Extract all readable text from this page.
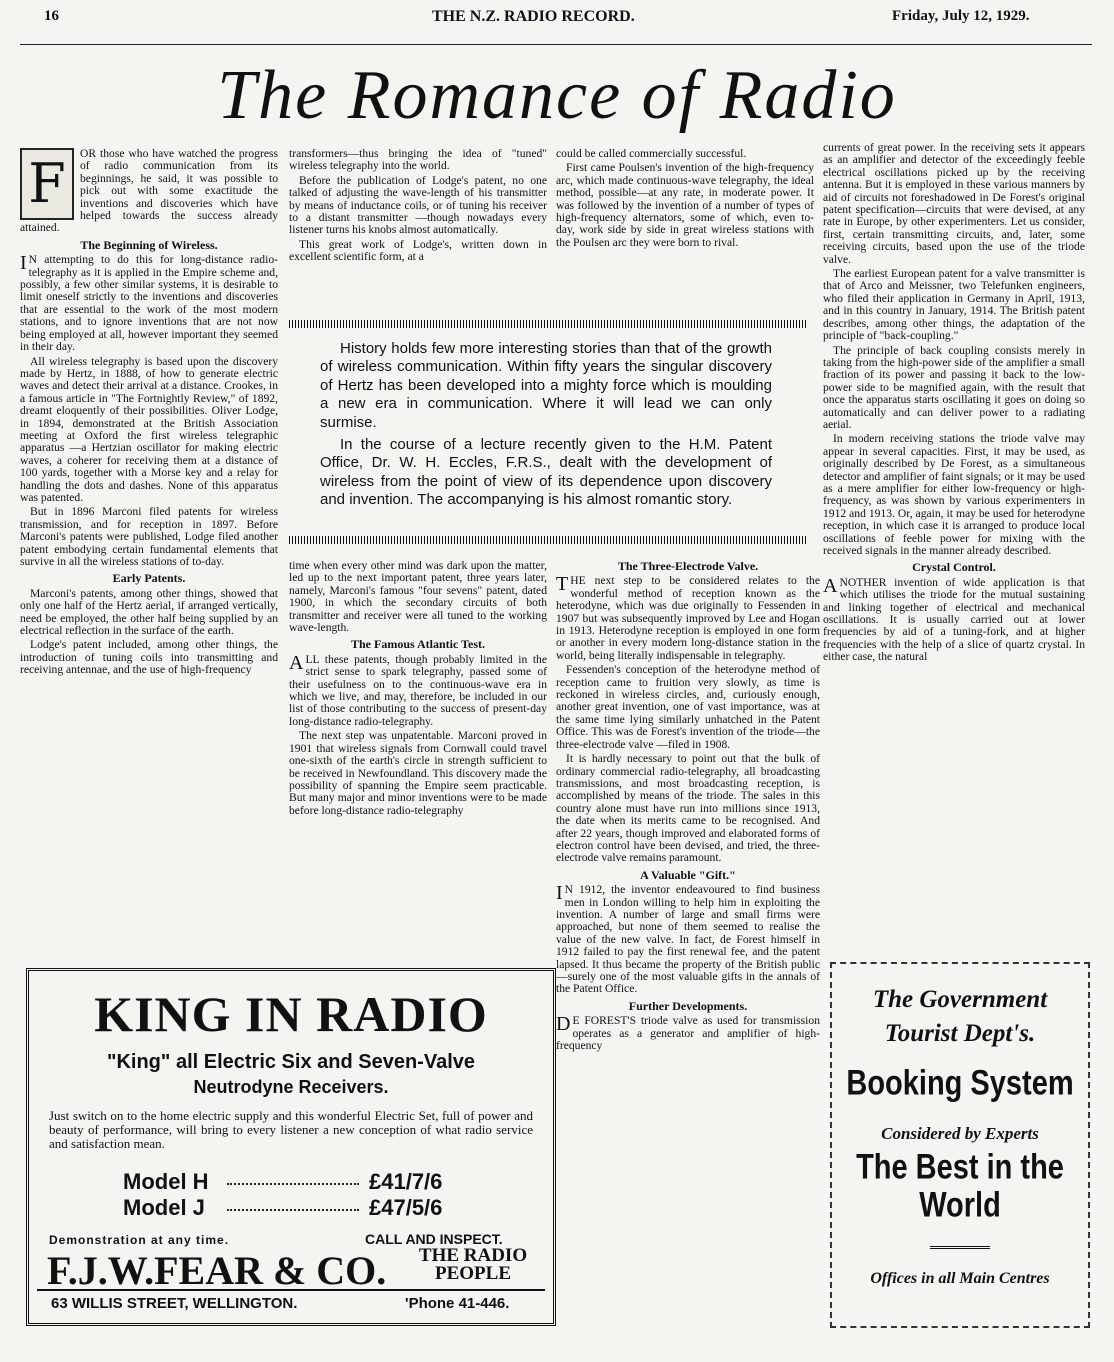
16	THE N.Z. RADIO RECORD.	Friday, July 12, 1929.
The Romance of Radio
F	OR those who have watched the progress of radio communication from its beginnings, he said, it was possible to pick out with some exactitude the inventions and discoveries which have helped towards the success already attained.

The Beginning of Wireless.

I N attempting to do this for long-distance radio-telegraphy as it is applied in the Empire scheme and, possibly, a few other similar systems, it is desirable to limit oneself strictly to the inventions and discoveries that are essential to the work of the most modern stations, and to ignore inventions that are not now being employed at all, however important they seemed in their day.

All wireless telegraphy is based upon the discovery made by Hertz, in 1888, of how to generate electric waves and detect their arrival at a distance. Crookes, in a famous article in "The Fortnightly Review," of 1892, dreamt eloquently of their possibilities. Oliver Lodge, in 1894, demonstrated at the British Association meeting at Oxford the first wireless telegraphic apparatus —a Hertzian oscillator for making electric waves, a coherer for receiving them at a distance of 100 yards, together with a Morse key and a relay for handling the dots and dashes. None of this apparatus was patented.

But in 1896 Marconi filed patents for wireless transmission, and for reception in 1897. Before Marconi's patents were published, Lodge filed another patent embodying certain fundamental elements that survive in all the wireless stations of to-day.

Early Patents.

Marconi's patents, among other things, showed that only one half of the Hertz aerial, if arranged vertically, need be employed, the other half being supplied by an electrical reflection in the surface of the earth.

Lodge's patent included, among other things, the introduction of tuning coils into transmitting and receiving antennae, and the use of high-frequency

transformers—thus bringing the idea of "tuned" wireless telegraphy into the world.

Before the publication of Lodge's patent, no one talked of adjusting the wave-length of his transmitter by means of inductance coils, or of tuning his receiver to a distant transmitter —though nowadays every listener turns his knobs almost automatically.

This great work of Lodge's, written down in excellent scientific form, at a

could be called commercially successful.

First came Poulsen's invention of the high-frequency arc, which made continuous-wave telegraphy, the ideal method, possible—at any rate, in moderate power. It was followed by the invention of a number of types of high-frequency alternators, some of which, even to-day, work side by side in great wireless stations with the Poulsen arc they were born to rival.

History holds few more interesting stories than that of the growth of wireless communication. Within fifty years the singular discovery of Hertz has been developed into a mighty force which is moulding a new era in communication. Where it will lead we can only surmise.

In the course of a lecture recently given to the H.M. Patent Office, Dr. W. H. Eccles, F.R.S., dealt with the development of wireless from the point of view of its dependence upon discovery and invention. The accompanying is his almost romantic story.

time when every other mind was dark upon the matter, led up to the next important patent, three years later, namely, Marconi's famous "four sevens" patent, dated 1900, in which the secondary circuits of both transmitter and receiver were all tuned to the working wave-length.

The Famous Atlantic Test.

ALL these patents, though probably limited in the strict sense to spark telegraphy, passed some of their usefulness on to the continuous-wave era in which we live, and may, therefore, be included in our list of those contributing to the success of present-day long-distance radio-telegraphy.

The next step was unpatentable. Marconi proved in 1901 that wireless signals from Cornwall could travel one-sixth of the earth's circle in strength sufficient to be received in Newfoundland. This discovery made the possibility of spanning the Empire seem practicable. But many major and minor inventions were to be made before long-distance radio-telegraphy

The Three-Electrode Valve.

THE next step to be considered relates to the wonderful method of reception known as the heterodyne, which was due originally to Fessenden in 1907 but was subsequently improved by Lee and Hogan in 1913. Heterodyne reception is employed in one form or another in every modern long-distance station in the world, being literally indispensable in telegraphy.

Fessenden's conception of the heterodyne method of reception came to fruition very slowly, as time is reckoned in wireless circles, and, curiously enough, another great invention, one of vast importance, was at the same time lying similarly unhatched in the Patent Office. This was de Forest's invention of the triode—the three-electrode valve —filed in 1908.

It is hardly necessary to point out that the bulk of ordinary commercial radio-telegraphy, all broadcasting transmissions, and most broadcasting reception, is accomplished by means of the triode. The sales in this country alone must have run into millions since 1913, the date when its merits came to be recognised. And after 22 years, though improved and elaborated forms of electron control have been devised, and tried, the three-electrode valve remains paramount.

A Valuable "Gift."

I N 1912, the inventor endeavoured to find business men in London willing to help him in exploiting the invention. A number of large and small firms were approached, but none of them seemed to realise the value of the new valve. In fact, de Forest himself in 1912 failed to pay the first renewal fee, and the patent lapsed. It thus became the property of the British public—surely one of the most valuable gifts in the annals of the Patent Office.

Further Developments.

D E FOREST'S triode valve as used for transmission operates as a generator and amplifier of high-frequency

currents of great power. In the receiving sets it appears as an amplifier and detector of the exceedingly feeble electrical oscillations picked up by the receiving antenna. But it is employed in these various manners by aid of circuits not foreshadowed in De Forest's original patent specification—circuits that were devised, at any rate in Europe, by other experimenters. Let us consider, first, certain transmitting circuits, and, later, some receiving circuits, based upon the use of the triode valve.

The earliest European patent for a valve transmitter is that of Arco and Meissner, two Telefunken engineers, who filed their application in Germany in April, 1913, and in this country in January, 1914. The British patent describes, among other things, the adaptation of the principle of "back-coupling."

The principle of back coupling consists merely in taking from the high-power side of the amplifier a small fraction of its power and passing it back to the low-power side to be magnified again, with the result that once the apparatus starts oscillating it goes on doing so automatically and can deliver power to a radiating aerial.

In modern receiving stations the triode valve may appear in several capacities. First, it may be used, as originally described by De Forest, as a simultaneous detector and amplifier of faint signals; or it may be used as a mere amplifier for either low-frequency or high-frequency, as was shown by various experimenters in 1912 and 1913. Or, again, it may be used for heterodyne reception, in which case it is arranged to produce local oscillations of feeble power for mixing with the received signals in the manner already described.

Crystal Control.

ANOTHER invention of wide application is that which utilises the triode for the mutual sustaining and linking together of electrical and mechanical oscillations. It is usually carried out at lower frequencies by aid of a tuning-fork, and at higher frequencies with the help of a slice of quartz crystal. In either case, the natural

KING IN RADIO
"King" all Electric Six and Seven-Valve
Neutrodyne Receivers.
Just switch on to the home electric supply and this wonderful Electric Set, full of power and beauty of performance, will bring to every listener a new conception of what radio service and satisfaction mean.
Model H	£41/7/6
Model J	£47/5/6
Demonstration at any time.	CALL AND INSPECT.
F.J.W.FEAR & CO.	THE RADIO
PEOPLE
63 WILLIS STREET, WELLINGTON.	'Phone 41-446.
The Government
Tourist Dept's.
Booking System
Considered by Experts
The Best in the
World
Offices in all Main Centres
